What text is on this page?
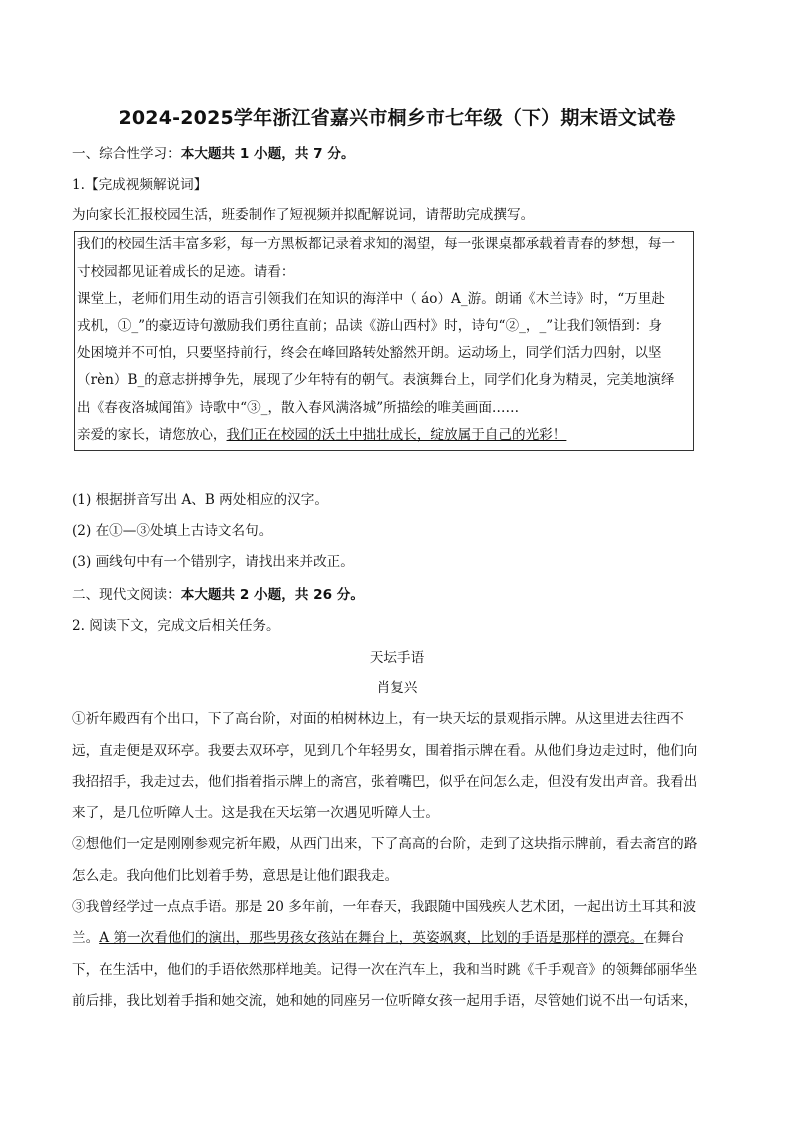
2024-2025学年浙江省嘉兴市桐乡市七年级（下）期末语文试卷
一、综合性学习：本大题共 1 小题，共 7 分。
1.【完成视频解说词】
为向家长汇报校园生活，班委制作了短视频并拟配解说词，请帮助完成撰写。
我们的校园生活丰富多彩，每一方黑板都记录着求知的渴望，每一张课桌都承载着青春的梦想，每一
寸校园都见证着成长的足迹。请看：
课堂上，老师们用生动的语言引领我们在知识的海洋中（ áo）A_游。朗诵《木兰诗》时，“万里赴
戎机，①_”的豪迈诗句激励我们勇往直前；品读《游山西村》时，诗句“②_，_”让我们领悟到：身
处困境并不可怕，只要坚持前行，终会在峰回路转处豁然开朗。运动场上，同学们活力四射，以坚
（rèn）B_的意志拼搏争先，展现了少年特有的朝气。表演舞台上，同学们化身为精灵，完美地演绎
出《春夜洛城闻笛》诗歌中“③_，散入春风满洛城”所描绘的唯美画面……
亲爱的家长，请您放心，我们正在校园的沃土中拙壮成长，绽放属于自己的光彩！
(1) 根据拼音写出 A、B 两处相应的汉字。
(2) 在①—③处填上古诗文名句。
(3) 画线句中有一个错别字，请找出来并改正。
二、现代文阅读：本大题共 2 小题，共 26 分。
2. 阅读下文，完成文后相关任务。
天坛手语
肖复兴
①祈年殿西有个出口，下了高台阶，对面的柏树林边上，有一块天坛的景观指示牌。从这里进去往西不
远，直走便是双环亭。我要去双环亭，见到几个年轻男女，围着指示牌在看。从他们身边走过时，他们向
我招招手，我走过去，他们指着指示牌上的斋宫，张着嘴巴，似乎在问怎么走，但没有发出声音。我看出
来了，是几位听障人士。这是我在天坛第一次遇见听障人士。
②想他们一定是刚刚参观完祈年殿，从西门出来，下了高高的台阶，走到了这块指示牌前，看去斋宫的路
怎么走。我向他们比划着手势，意思是让他们跟我走。
③我曾经学过一点点手语。那是 20 多年前，一年春天，我跟随中国残疾人艺术团，一起出访土耳其和波
兰。A 第一次看他们的演出，那些男孩女孩站在舞台上，英姿飒爽，比划的手语是那样的漂亮。在舞台
下，在生活中，他们的手语依然那样地美。记得一次在汽车上，我和当时跳《千手观音》的领舞邰丽华坐
前后排，我比划着手指和她交流，她和她的同座另一位听障女孩一起用手语，尽管她们说不出一句话来，
